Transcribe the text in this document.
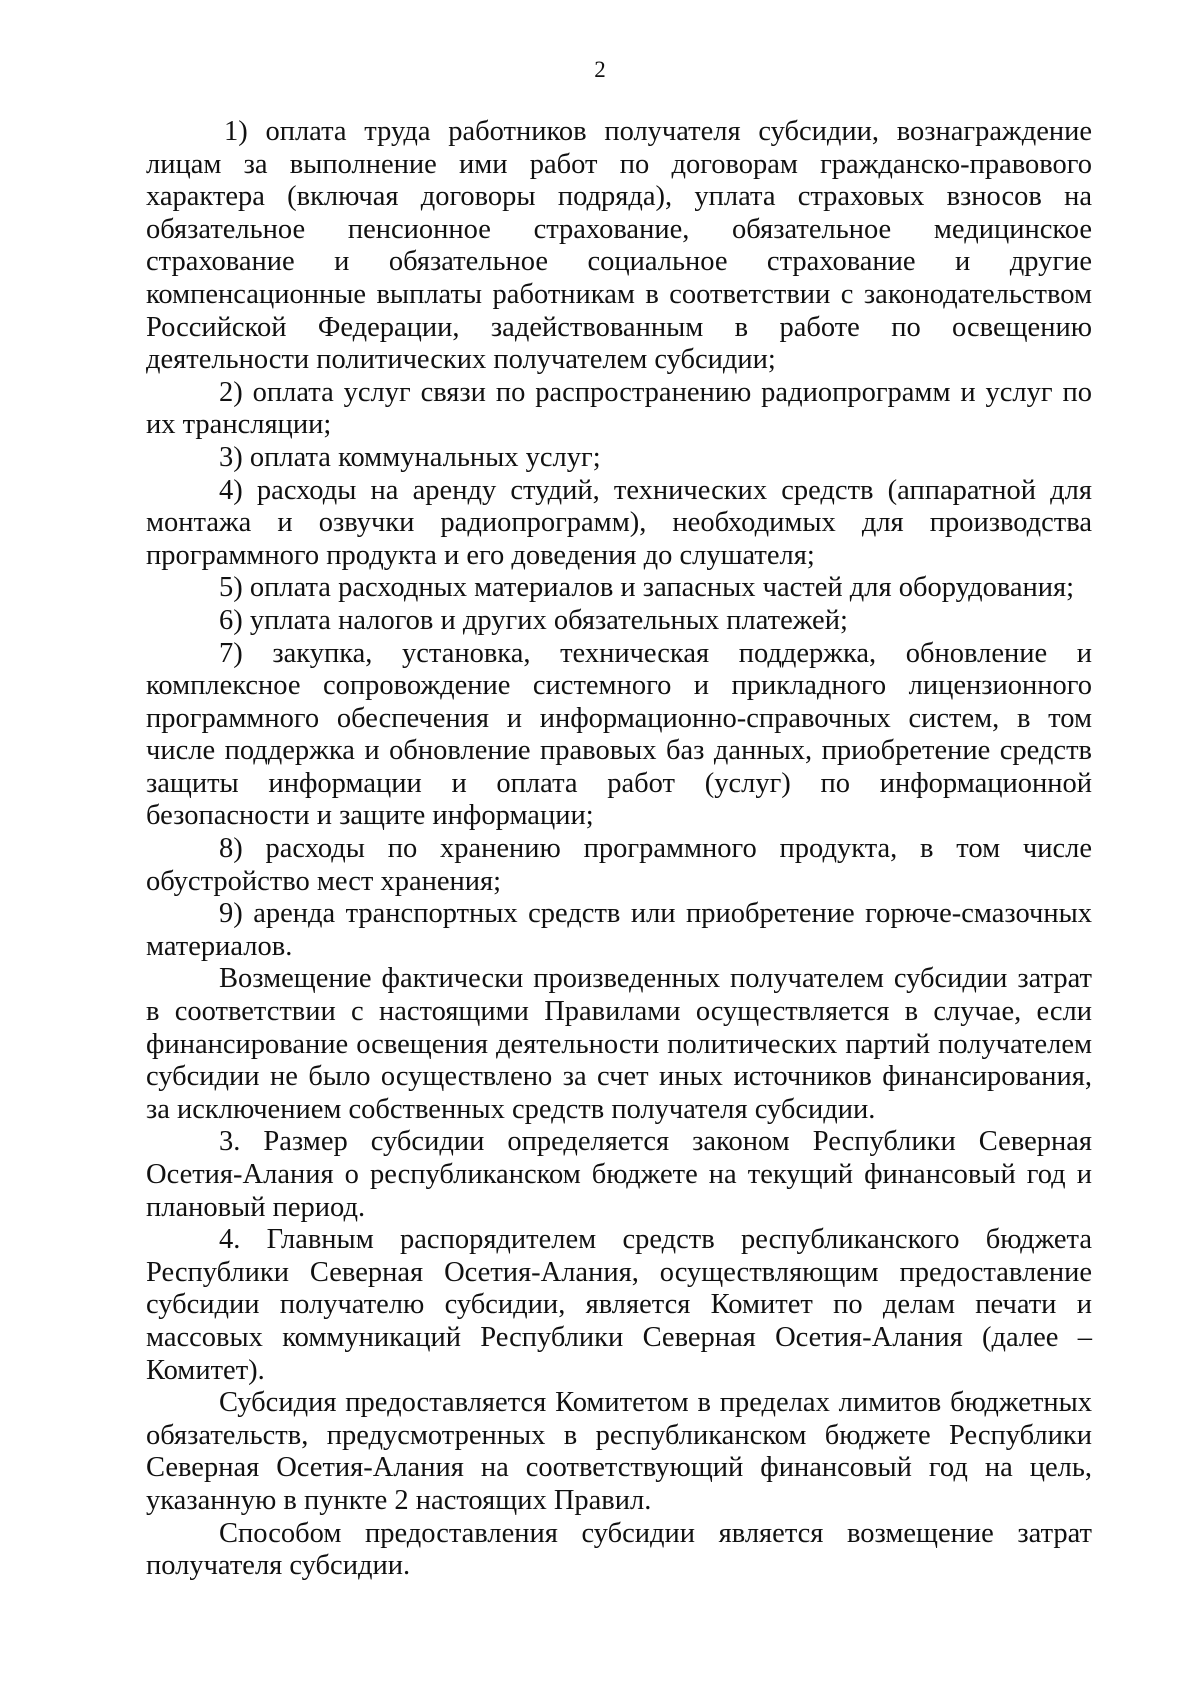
2

1) оплата труда работников получателя субсидии, вознаграждение лицам за выполнение ими работ по договорам гражданско-правового характера (включая договоры подряда), уплата страховых взносов на обязательное пенсионное страхование, обязательное медицинское страхование и обязательное социальное страхование и другие компенсационные выплаты работникам в соответствии с законодательством Российской Федерации, задействованным в работе по освещению деятельности политических получателем субсидии;

2) оплата услуг связи по распространению радиопрограмм и услуг по их трансляции;

3) оплата коммунальных услуг;

4) расходы на аренду студий, технических средств (аппаратной для монтажа и озвучки радиопрограмм), необходимых для производства программного продукта и его доведения до слушателя;

5) оплата расходных материалов и запасных частей для оборудования;

6) уплата налогов и других обязательных платежей;

7) закупка, установка, техническая поддержка, обновление и комплексное сопровождение системного и прикладного лицензионного программного обеспечения и информационно-справочных систем, в том числе поддержка и обновление правовых баз данных, приобретение средств защиты информации и оплата работ (услуг) по информационной безопасности и защите информации;

8) расходы по хранению программного продукта, в том числе обустройство мест хранения;

9) аренда транспортных средств или приобретение горюче-смазочных материалов.

Возмещение фактически произведенных получателем субсидии затрат в соответствии с настоящими Правилами осуществляется в случае, если финансирование освещения деятельности политических партий получателем субсидии не было осуществлено за счет иных источников финансирования, за исключением собственных средств получателя субсидии.

3. Размер субсидии определяется законом Республики Северная Осетия-Алания о республиканском бюджете на текущий финансовый год и плановый период.

4. Главным распорядителем средств республиканского бюджета Республики Северная Осетия-Алания, осуществляющим предоставление субсидии получателю субсидии, является Комитет по делам печати и массовых коммуникаций Республики Северная Осетия-Алания (далее – Комитет).

Субсидия предоставляется Комитетом в пределах лимитов бюджетных обязательств, предусмотренных в республиканском бюджете Республики Северная Осетия-Алания на соответствующий финансовый год на цель, указанную в пункте 2 настоящих Правил.

Способом предоставления субсидии является возмещение затрат получателя субсидии.
